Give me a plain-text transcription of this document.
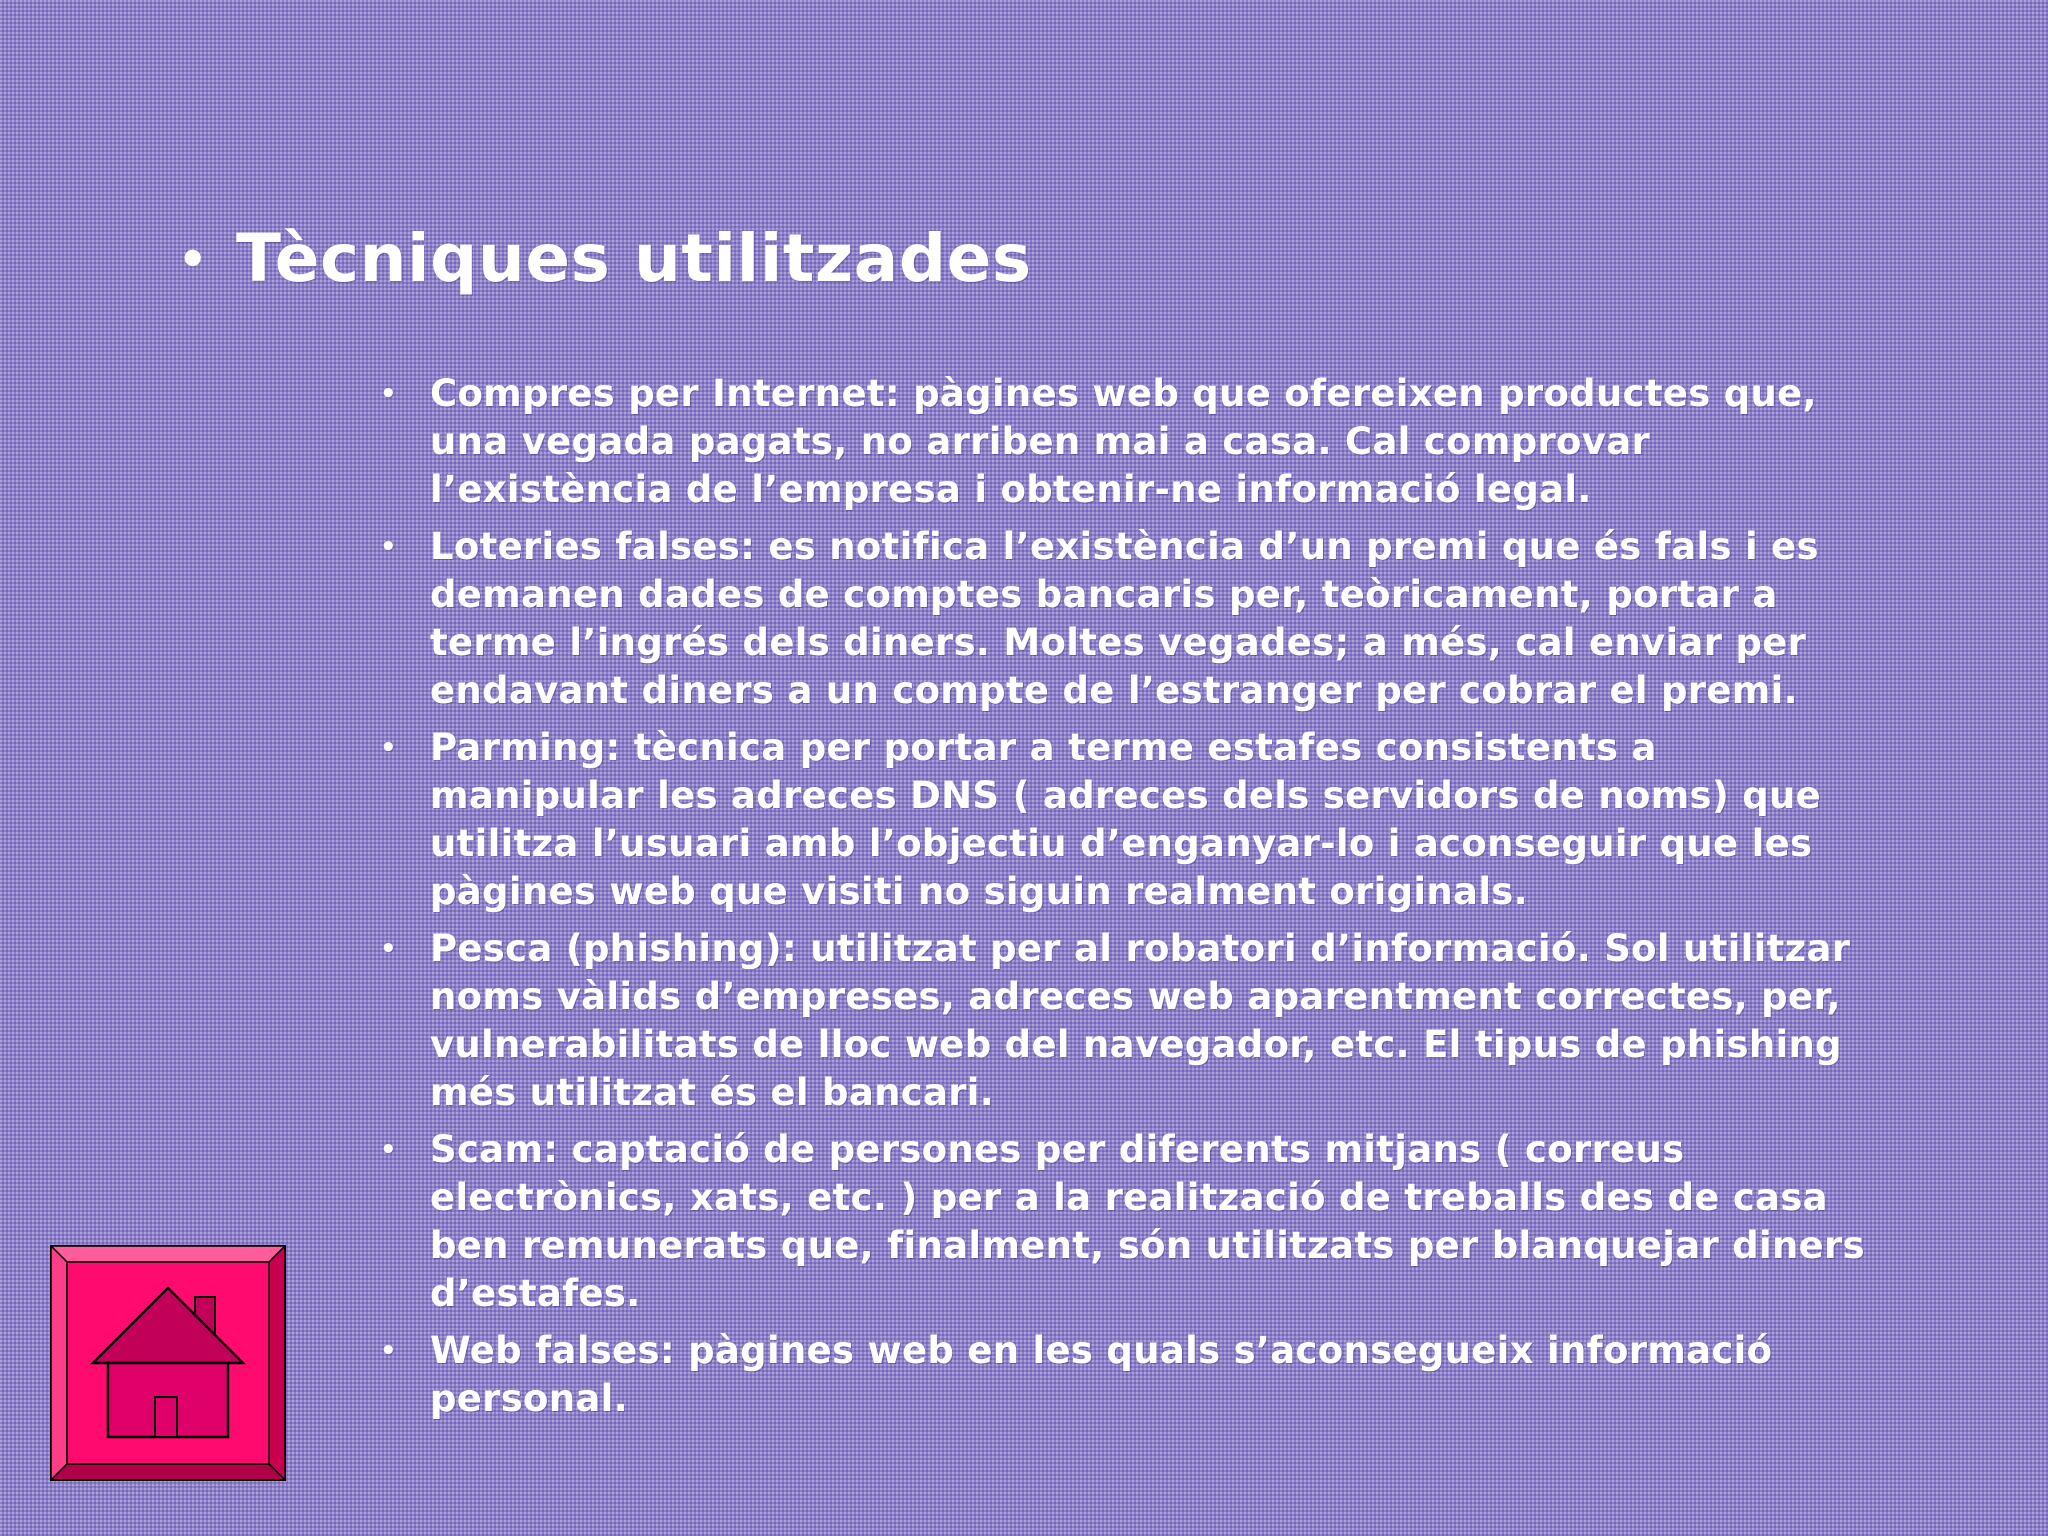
• Tècniques utilitzades
• Compres per Internet: pàgines web que ofereixen productes que, una vegada pagats, no arriben mai a casa. Cal comprovar l’existència de l’empresa i obtenir-ne informació legal.
• Loteries falses: es notifica l’existència d’un premi que és fals i es demanen dades de comptes bancaris per, teòricament, portar a terme l’ingrés dels diners. Moltes vegades; a més, cal enviar per endavant diners a un compte de l’estranger per cobrar el premi.
• Parming: tècnica per portar a terme estafes consistents a manipular les adreces DNS ( adreces dels servidors de noms) que utilitza l’usuari amb l’objectiu d’enganyar-lo i aconseguir que les pàgines web que visiti no siguin realment originals.
• Pesca (phishing): utilitzat per al robatori d’informació. Sol utilitzar noms vàlids d’empreses, adreces web aparentment correctes, per, vulnerabilitats de lloc web del navegador, etc. El tipus de phishing més utilitzat és el bancari.
• Scam: captació de persones per diferents mitjans ( correus electrònics, xats, etc. ) per a la realització de treballs des de casa ben remunerats que, finalment, són utilitzats per blanquejar diners d’estafes.
• Web falses: pàgines web en les quals s’aconsegueix informació personal.
